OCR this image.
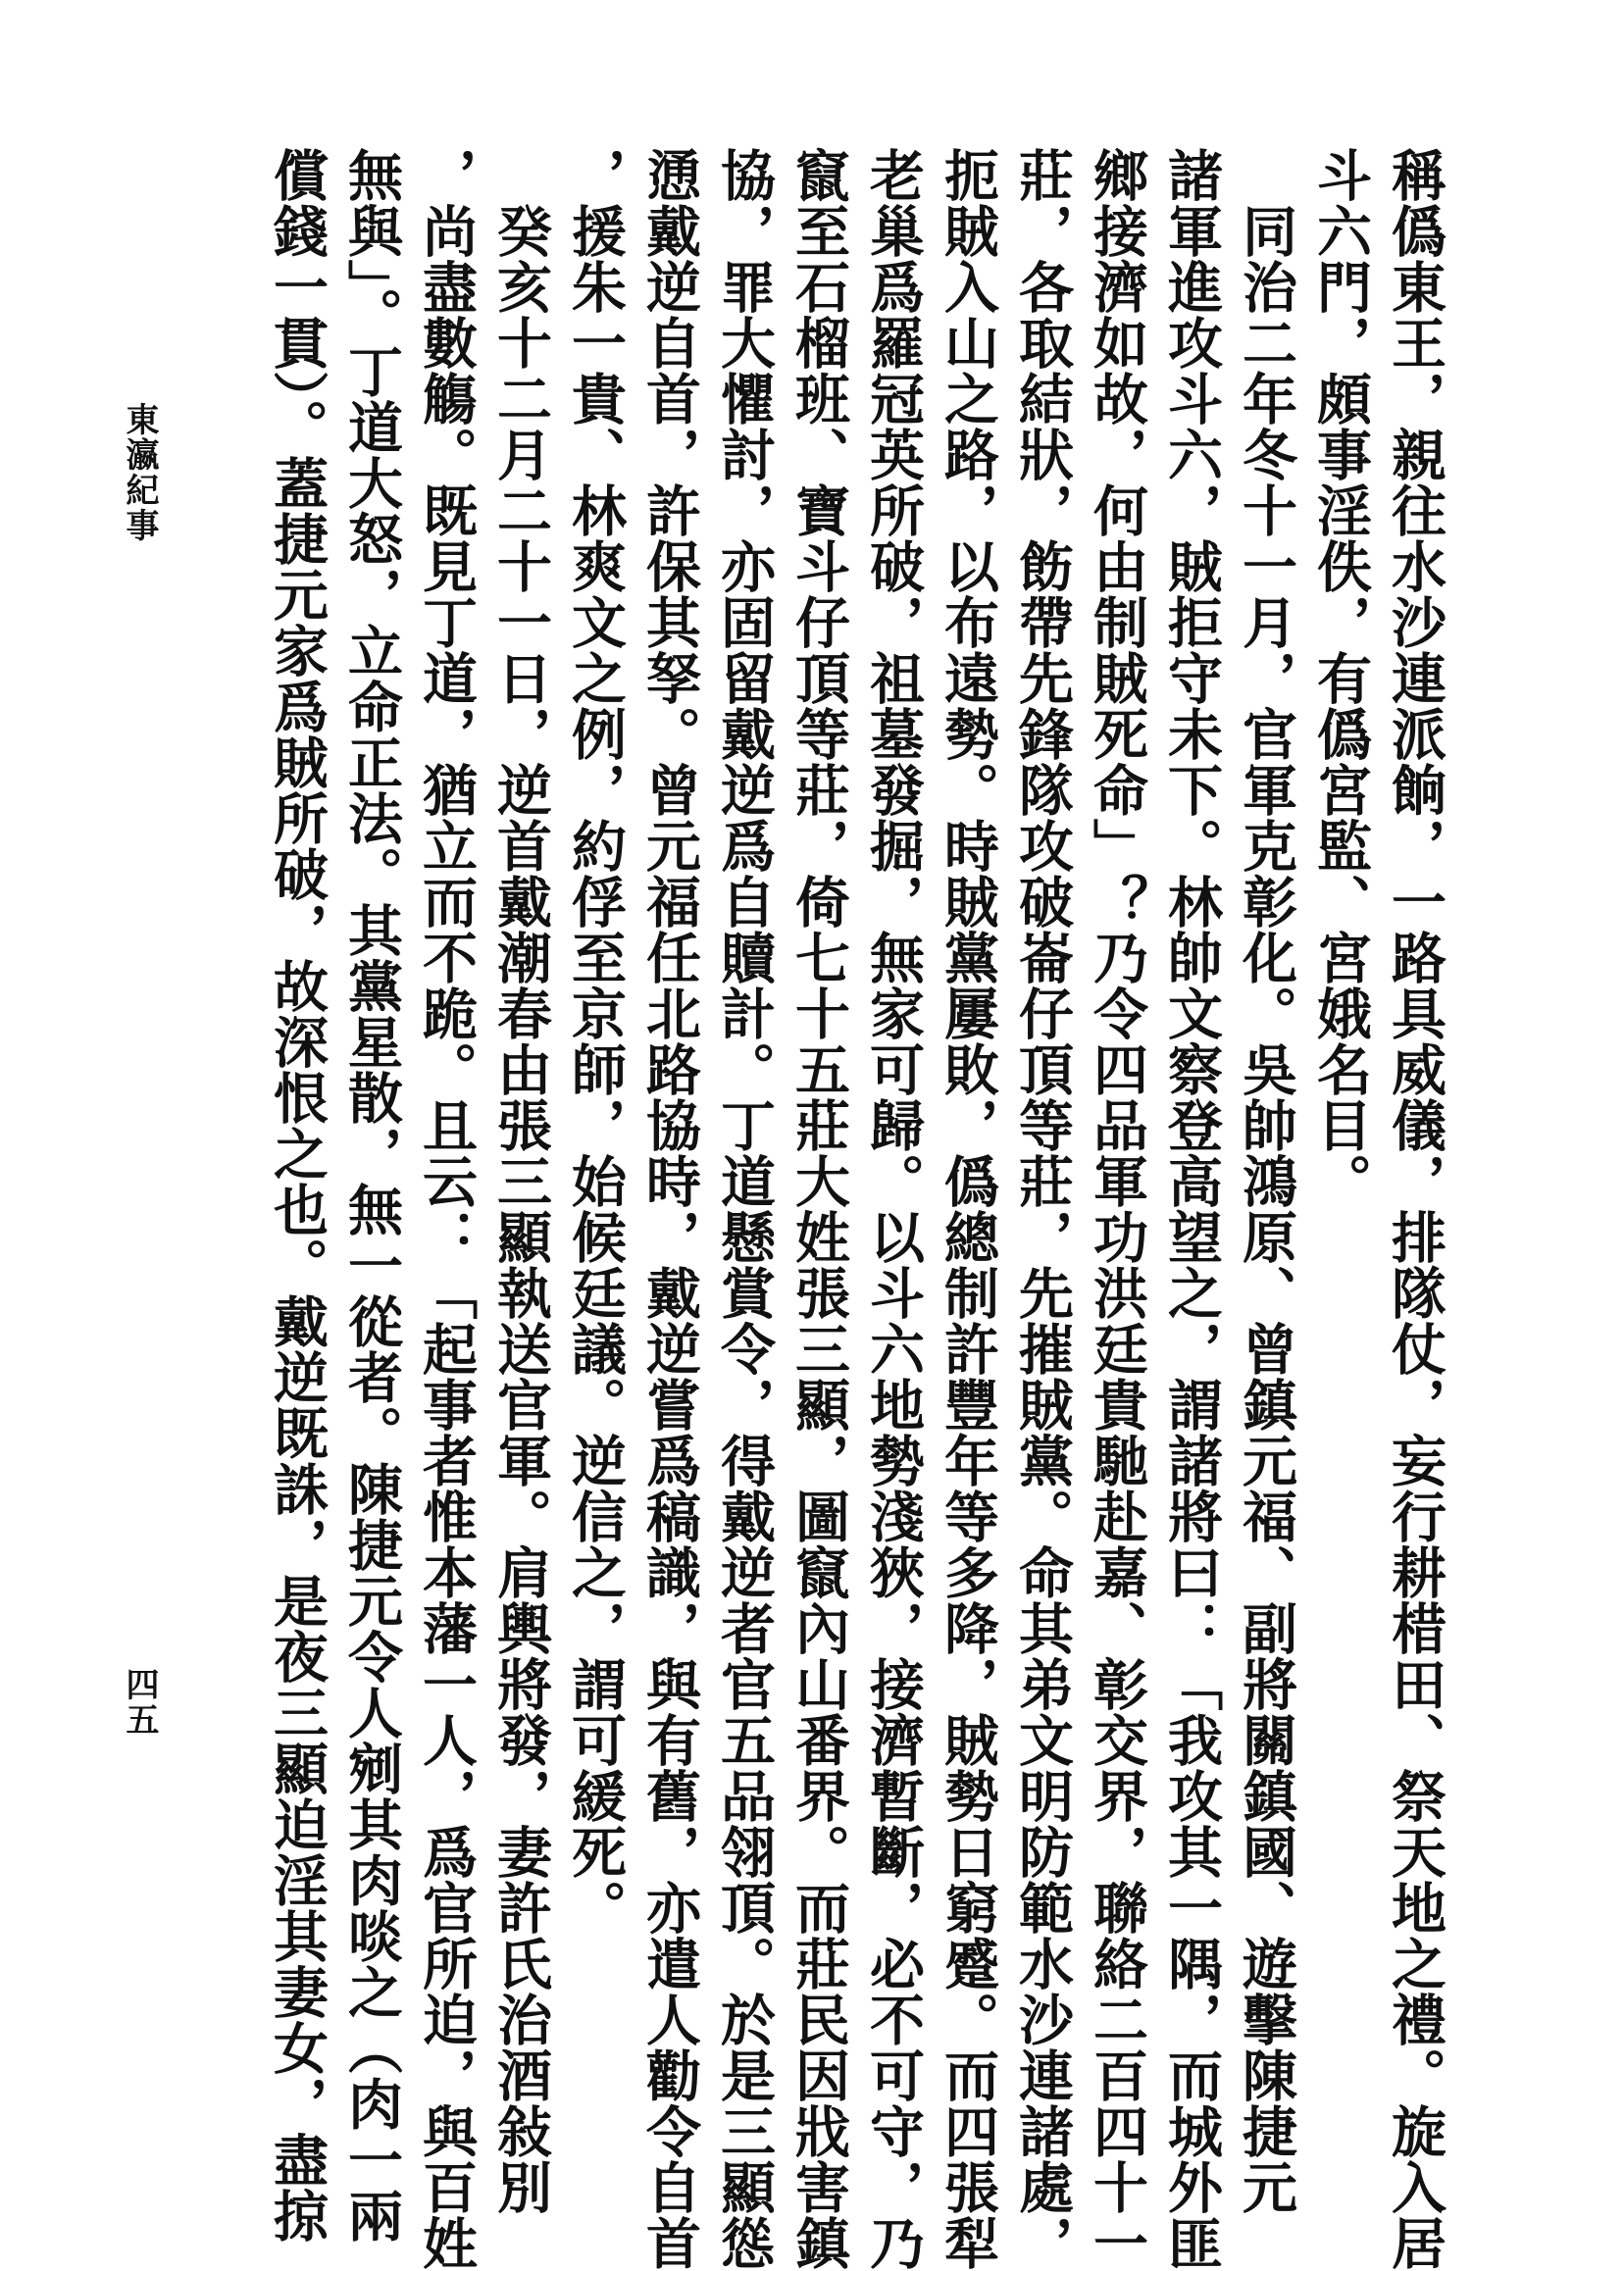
稱僞東王，親往水沙連派餉，一路具威儀，排隊仗，妄行耕棤田、祭天地之禮。旋入居
斗六門，頗事淫佚，有僞宮監、宮娥名目。
　同治二年冬十一月，官軍克彰化。吳帥鴻原、曾鎮元福、副將關鎮國、遊擊陳捷元
諸軍進攻斗六，賊拒守未下。林帥文察登高望之，謂諸將曰：「我攻其一隅，而城外匪
鄉接濟如故，何由制賊死命」？乃令四品軍功洪廷貴馳赴嘉、彰交界，聯絡二百四十一
莊，各取結狀，飭帶先鋒隊攻破崙仔頂等莊，先摧賊黨。命其弟文明防範水沙連諸處，
扼賊入山之路，以布遠勢。時賊黨屢敗，僞總制許豐年等多降，賊勢日窮蹙。而四張犁
老巢爲羅冠英所破，祖墓發掘，無家可歸。以斗六地勢淺狹，接濟暫斷，必不可守，乃
竄至石榴班、寶斗仔頂等莊，倚七十五莊大姓張三顯，圖竄內山番界。而莊民因戕害鎮
協，罪大懼討，亦固留戴逆爲自贖計。丁道懸賞令，得戴逆者官五品翎頂。於是三顯慫
慂戴逆自首，許保其孥。曾元福任北路協時，戴逆嘗爲稿識，與有舊，亦遣人勸令自首
，援朱一貴、林爽文之例，約俘至京師，始候廷議。逆信之，謂可緩死。
　癸亥十二月二十一日，逆首戴潮春由張三顯執送官軍。肩輿將發，妻許氏治酒敍別
，尚盡數觴。既見丁道，猶立而不跪。且云：「起事者惟本藩一人，爲官所迫，與百姓
無與」。丁道大怒，立命正法。其黨星散，無一從者。陳捷元令人剜其肉啖之（肉一兩
償錢一貫）。蓋捷元家爲賊所破，故深恨之也。戴逆既誅，是夜三顯迫淫其妻女，盡掠
東瀛紀事
四五
